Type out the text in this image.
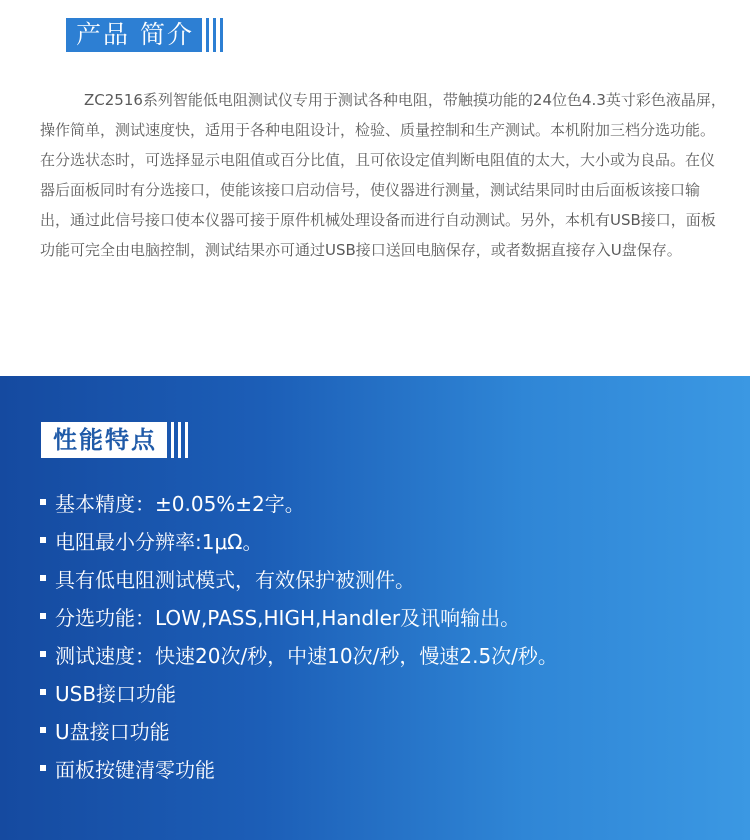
产品 简介

ZC2516系列智能低电阻测试仪专用于测试各种电阻，带触摸功能的24位色4.3英寸彩色液晶屏，操作简单，测试速度快，适用于各种电阻设计，检验、质量控制和生产测试。本机附加三档分选功能。在分选状态时，可选择显示电阻值或百分比值，且可依设定值判断电阻值的太大，大小或为良品。在仪器后面板同时有分选接口，使能该接口启动信号，使仪器进行测量，测试结果同时由后面板该接口输出，通过此信号接口使本仪器可接于原件机械处理设备而进行自动测试。另外，本机有USB接口，面板功能可完全由电脑控制，测试结果亦可通过USB接口送回电脑保存，或者数据直接存入U盘保存。

性能特点
基本精度：±0.05%±2字。
电阻最小分辨率:1μΩ。
具有低电阻测试模式，有效保护被测件。
分选功能：LOW,PASS,HIGH,Handler及讯响输出。
测试速度：快速20次/秒，中速10次/秒，慢速2.5次/秒。
USB接口功能
U盘接口功能
面板按键清零功能
